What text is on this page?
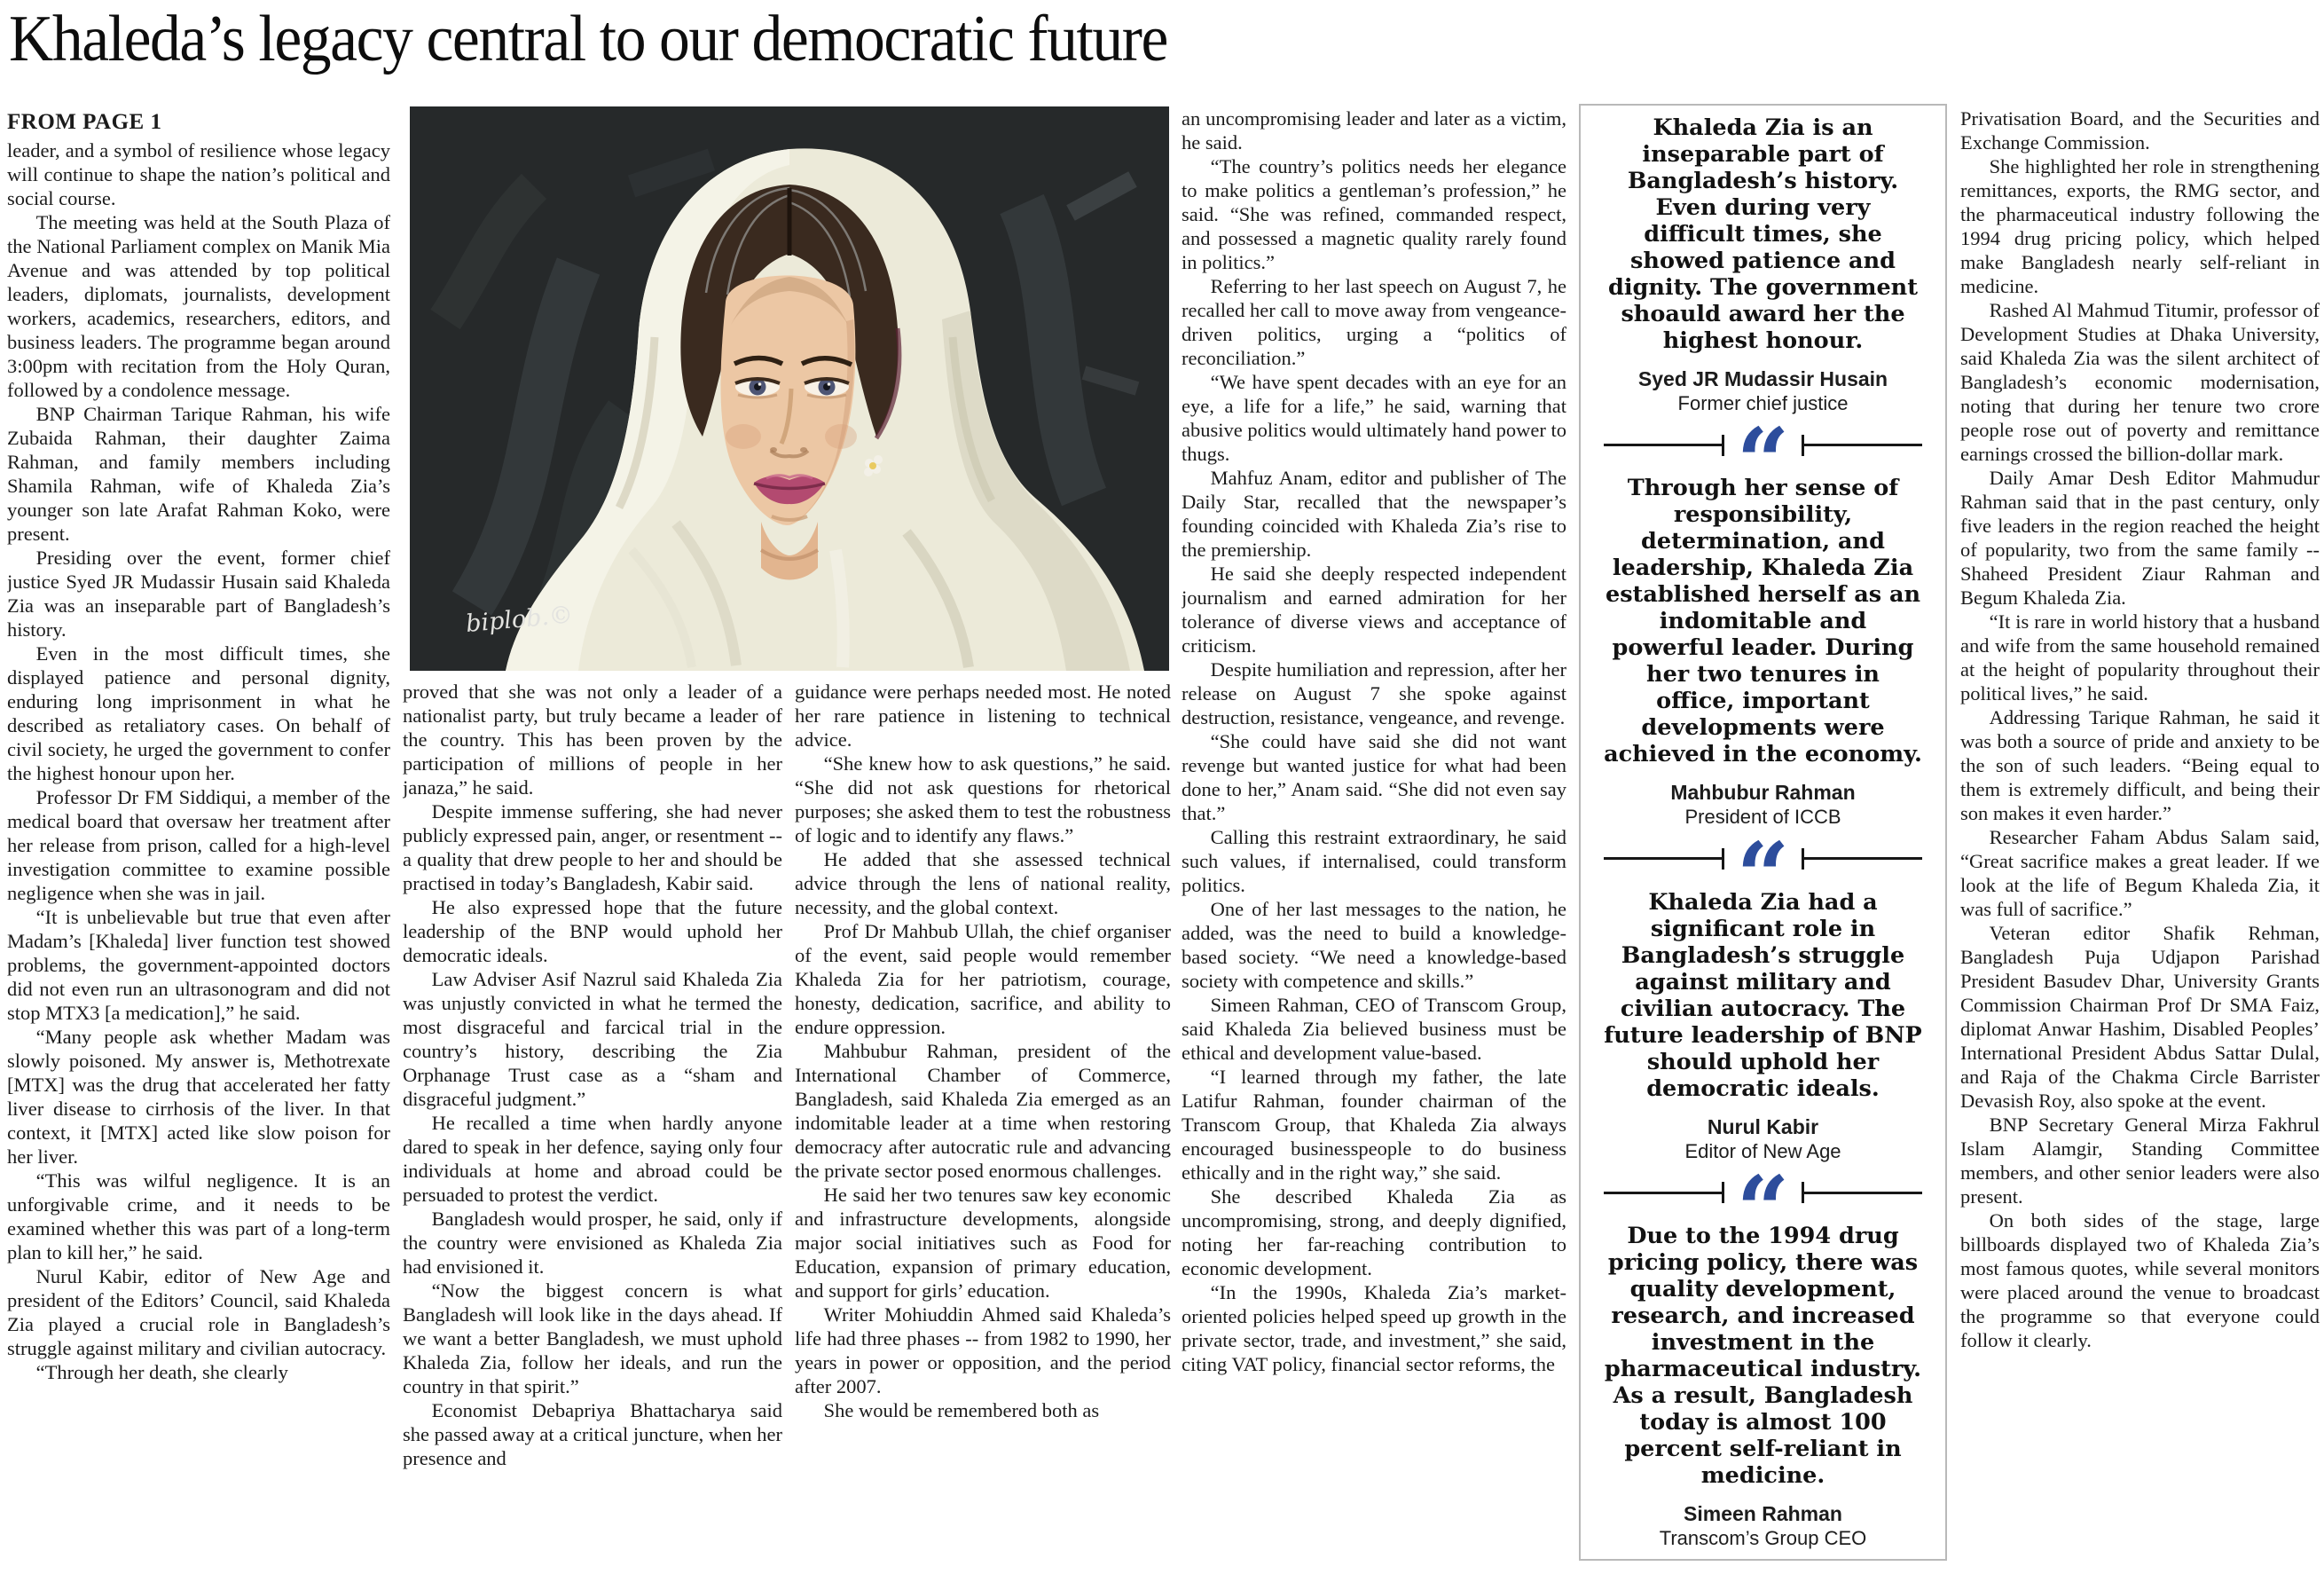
Khaleda’s legacy central to our democratic future
FROM PAGE 1

leader, and a symbol of resilience whose legacy will continue to shape the nation’s political and social course.

The meeting was held at the South Plaza of the National Parliament complex on Manik Mia Avenue and was attended by top political leaders, diplomats, journalists, development workers, academics, researchers, editors, and business leaders. The programme began around 3:00pm with recitation from the Holy Quran, followed by a condolence message.

BNP Chairman Tarique Rahman, his wife Zubaida Rahman, their daughter Zaima Rahman, and family members including Shamila Rahman, wife of Khaleda Zia’s younger son late Arafat Rahman Koko, were present.

Presiding over the event, former chief justice Syed JR Mudassir Husain said Khaleda Zia was an inseparable part of Bangladesh’s history.

Even in the most difficult times, she displayed patience and personal dignity, enduring long imprisonment in what he described as retaliatory cases. On behalf of civil society, he urged the government to confer the highest honour upon her.

Professor Dr FM Siddiqui, a member of the medical board that oversaw her treatment after her release from prison, called for a high-level investigation committee to examine possible negligence when she was in jail.

“It is unbelievable but true that even after Madam’s [Khaleda] liver function test showed problems, the government-appointed doctors did not even run an ultrasonogram and did not stop MTX3 [a medication],” he said.

“Many people ask whether Madam was slowly poisoned. My answer is, Methotrexate [MTX] was the drug that accelerated her fatty liver disease to cirrhosis of the liver. In that context, it [MTX] acted like slow poison for her liver.

“This was wilful negligence. It is an unforgivable crime, and it needs to be examined whether this was part of a long-term plan to kill her,” he said.

Nurul Kabir, editor of New Age and president of the Editors’ Council, said Khaleda Zia played a crucial role in Bangladesh’s struggle against military and civilian autocracy.

“Through her death, she clearly

biplob.©

proved that she was not only a leader of a nationalist party, but truly became a leader of the country. This has been proven by the participation of millions of people in her janaza,” he said.

Despite immense suffering, she had never publicly expressed pain, anger, or resentment -- a quality that drew people to her and should be practised in today’s Bangladesh, Kabir said.

He also expressed hope that the future leadership of the BNP would uphold her democratic ideals.

Law Adviser Asif Nazrul said Khaleda Zia was unjustly convicted in what he termed the most disgraceful and farcical trial in the country’s history, describing the Zia Orphanage Trust case as a “sham and disgraceful judgment.”

He recalled a time when hardly anyone dared to speak in her defence, saying only four individuals at home and abroad could be persuaded to protest the verdict.

Bangladesh would prosper, he said, only if the country were envisioned as Khaleda Zia had envisioned it.

“Now the biggest concern is what Bangladesh will look like in the days ahead. If we want a better Bangladesh, we must uphold Khaleda Zia, follow her ideals, and run the country in that spirit.”

Economist Debapriya Bhattacharya said she passed away at a critical juncture, when her presence and

guidance were perhaps needed most. He noted her rare patience in listening to technical advice.

“She knew how to ask questions,” he said. “She did not ask questions for rhetorical purposes; she asked them to test the robustness of logic and to identify any flaws.”

He added that she assessed technical advice through the lens of national reality, necessity, and the global context.

Prof Dr Mahbub Ullah, the chief organiser of the event, said people would remember Khaleda Zia for her patriotism, courage, honesty, dedication, sacrifice, and ability to endure oppression.

Mahbubur Rahman, president of the International Chamber of Commerce, Bangladesh, said Khaleda Zia emerged as an indomitable leader at a time when restoring democracy after autocratic rule and advancing the private sector posed enormous challenges.

He said her two tenures saw key economic and infrastructure developments, alongside major social initiatives such as Food for Education, expansion of primary education, and support for girls’ education.

Writer Mohiuddin Ahmed said Khaleda’s life had three phases -- from 1982 to 1990, her years in power or opposition, and the period after 2007.

She would be remembered both as

an uncompromising leader and later as a victim, he said.

“The country’s politics needs her elegance to make politics a gentleman’s profession,” he said. “She was refined, commanded respect, and possessed a magnetic quality rarely found in politics.”

Referring to her last speech on August 7, he recalled her call to move away from vengeance-driven politics, urging a “politics of reconciliation.”

“We have spent decades with an eye for an eye, a life for a life,” he said, warning that abusive politics would ultimately hand power to thugs.

Mahfuz Anam, editor and publisher of The Daily Star, recalled that the newspaper’s founding coincided with Khaleda Zia’s rise to the premiership.

He said she deeply respected independent journalism and earned admiration for her tolerance of diverse views and acceptance of criticism.

Despite humiliation and repression, after her release on August 7 she spoke against destruction, resistance, vengeance, and revenge.

“She could have said she did not want revenge but wanted justice for what had been done to her,” Anam said. “She did not even say that.”

Calling this restraint extraordinary, he said such values, if internalised, could transform politics.

One of her last messages to the nation, he added, was the need to build a knowledge-based society. “We need a knowledge-based society with competence and skills.”

Simeen Rahman, CEO of Transcom Group, said Khaleda Zia believed business must be ethical and development value-based.

“I learned through my father, the late Latifur Rahman, founder chairman of the Transcom Group, that Khaleda Zia always encouraged businesspeople to do business ethically and in the right way,” she said.

She described Khaleda Zia as uncompromising, strong, and deeply dignified, noting her far-reaching contribution to economic development.

“In the 1990s, Khaleda Zia’s market-oriented policies helped speed up growth in the private sector, trade, and investment,” she said, citing VAT policy, financial sector reforms, the

Khaleda Zia is an inseparable part of Bangladesh’s history. Even during very difficult times, she showed patience and dignity. The government shoauld award her the highest honour.

Syed JR Mudassir Husain
Former chief justice
“

Through her sense of responsibility, determination, and leadership, Khaleda Zia established herself as an indomitable and powerful leader. During her two tenures in office, important developments were achieved in the economy.

Mahbubur Rahman
President of ICCB
“

Khaleda Zia had a significant role in Bangladesh’s struggle against military and civilian autocracy. The future leadership of BNP should uphold her democratic ideals.

Nurul Kabir
Editor of New Age
“

Due to the 1994 drug pricing policy, there was quality development, research, and increased investment in the pharmaceutical industry. As a result, Bangladesh today is almost 100 percent self-reliant in medicine.

Simeen Rahman
Transcom’s Group CEO

Privatisation Board, and the Securities and Exchange Commission.

She highlighted her role in strengthening remittances, exports, the RMG sector, and the pharmaceutical industry following the 1994 drug pricing policy, which helped make Bangladesh nearly self-reliant in medicine.

Rashed Al Mahmud Titumir, professor of Development Studies at Dhaka University, said Khaleda Zia was the silent architect of Bangladesh’s economic modernisation, noting that during her tenure two crore people rose out of poverty and remittance earnings crossed the billion-dollar mark.

Daily Amar Desh Editor Mahmudur Rahman said that in the past century, only five leaders in the region reached the height of popularity, two from the same family -- Shaheed President Ziaur Rahman and Begum Khaleda Zia.

“It is rare in world history that a husband and wife from the same household remained at the height of popularity throughout their political lives,” he said.

Addressing Tarique Rahman, he said it was both a source of pride and anxiety to be the son of such leaders. “Being equal to them is extremely difficult, and being their son makes it even harder.”

Researcher Faham Abdus Salam said, “Great sacrifice makes a great leader. If we look at the life of Begum Khaleda Zia, it was full of sacrifice.”

Veteran editor Shafik Rehman, Bangladesh Puja Udjapon Parishad President Basudev Dhar, University Grants Commission Chairman Prof Dr SMA Faiz, diplomat Anwar Hashim, Disabled Peoples’ International President Abdus Sattar Dulal, and Raja of the Chakma Circle Barrister Devasish Roy, also spoke at the event.

BNP Secretary General Mirza Fakhrul Islam Alamgir, Standing Committee members, and other senior leaders were also present.

On both sides of the stage, large billboards displayed two of Khaleda Zia’s most famous quotes, while several monitors were placed around the venue to broadcast the programme so that everyone could follow it clearly.
